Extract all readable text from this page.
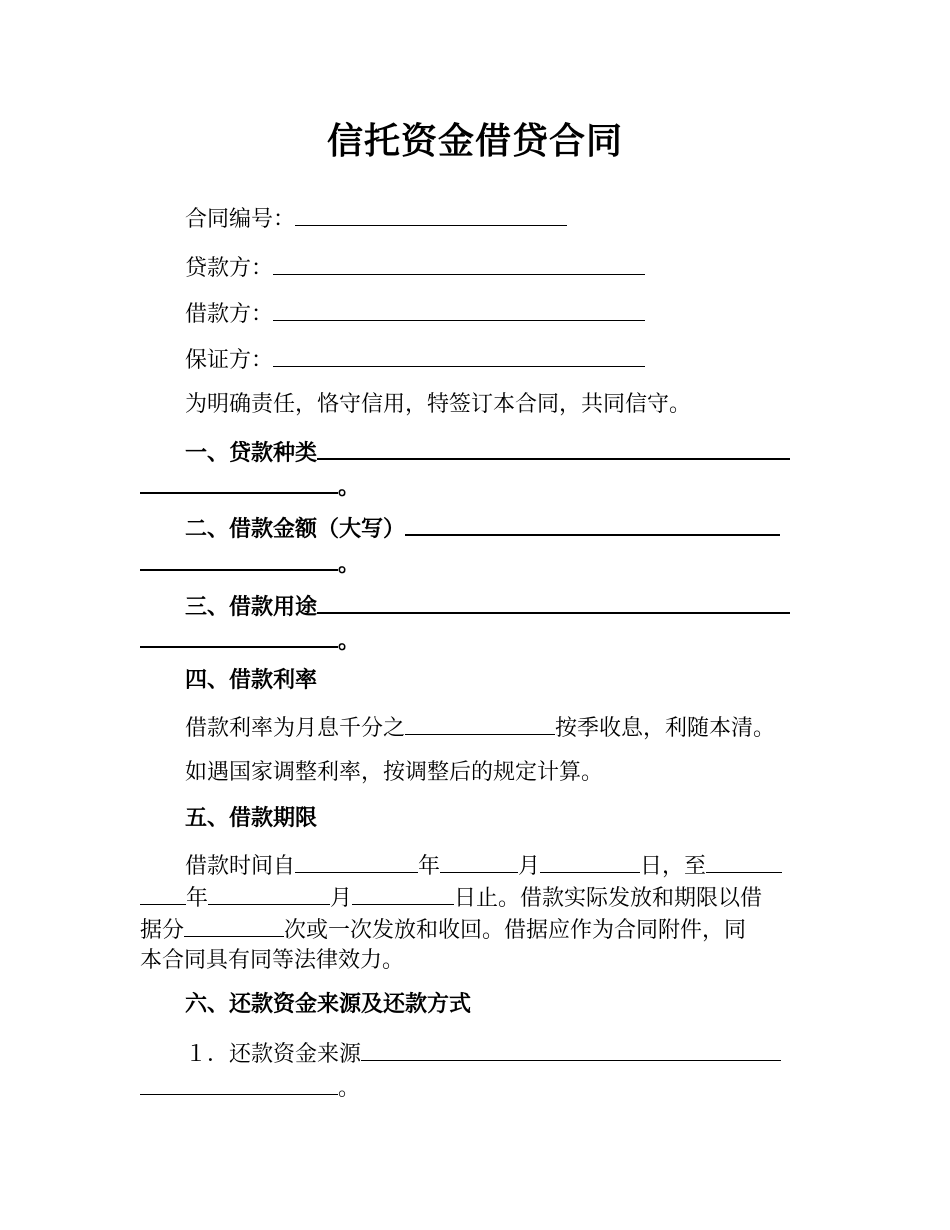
信托资金借贷合同
合同编号：
贷款方：
借款方：
保证方：
为明确责任，恪守信用，特签订本合同，共同信守。
一、贷款种类
。
二、借款金额（大写）
。
三、借款用途
。
四、借款利率
借款利率为月息千分之	按季收息，利随本清。
如遇国家调整利率，按调整后的规定计算。
五、借款期限
借款时间自	年	月	日，至
年	月	日止。借款实际发放和期限以借
据分	次或一次发放和收回。借据应作为合同附件，同
本合同具有同等法律效力。
六、还款资金来源及还款方式
１．还款资金来源
。
